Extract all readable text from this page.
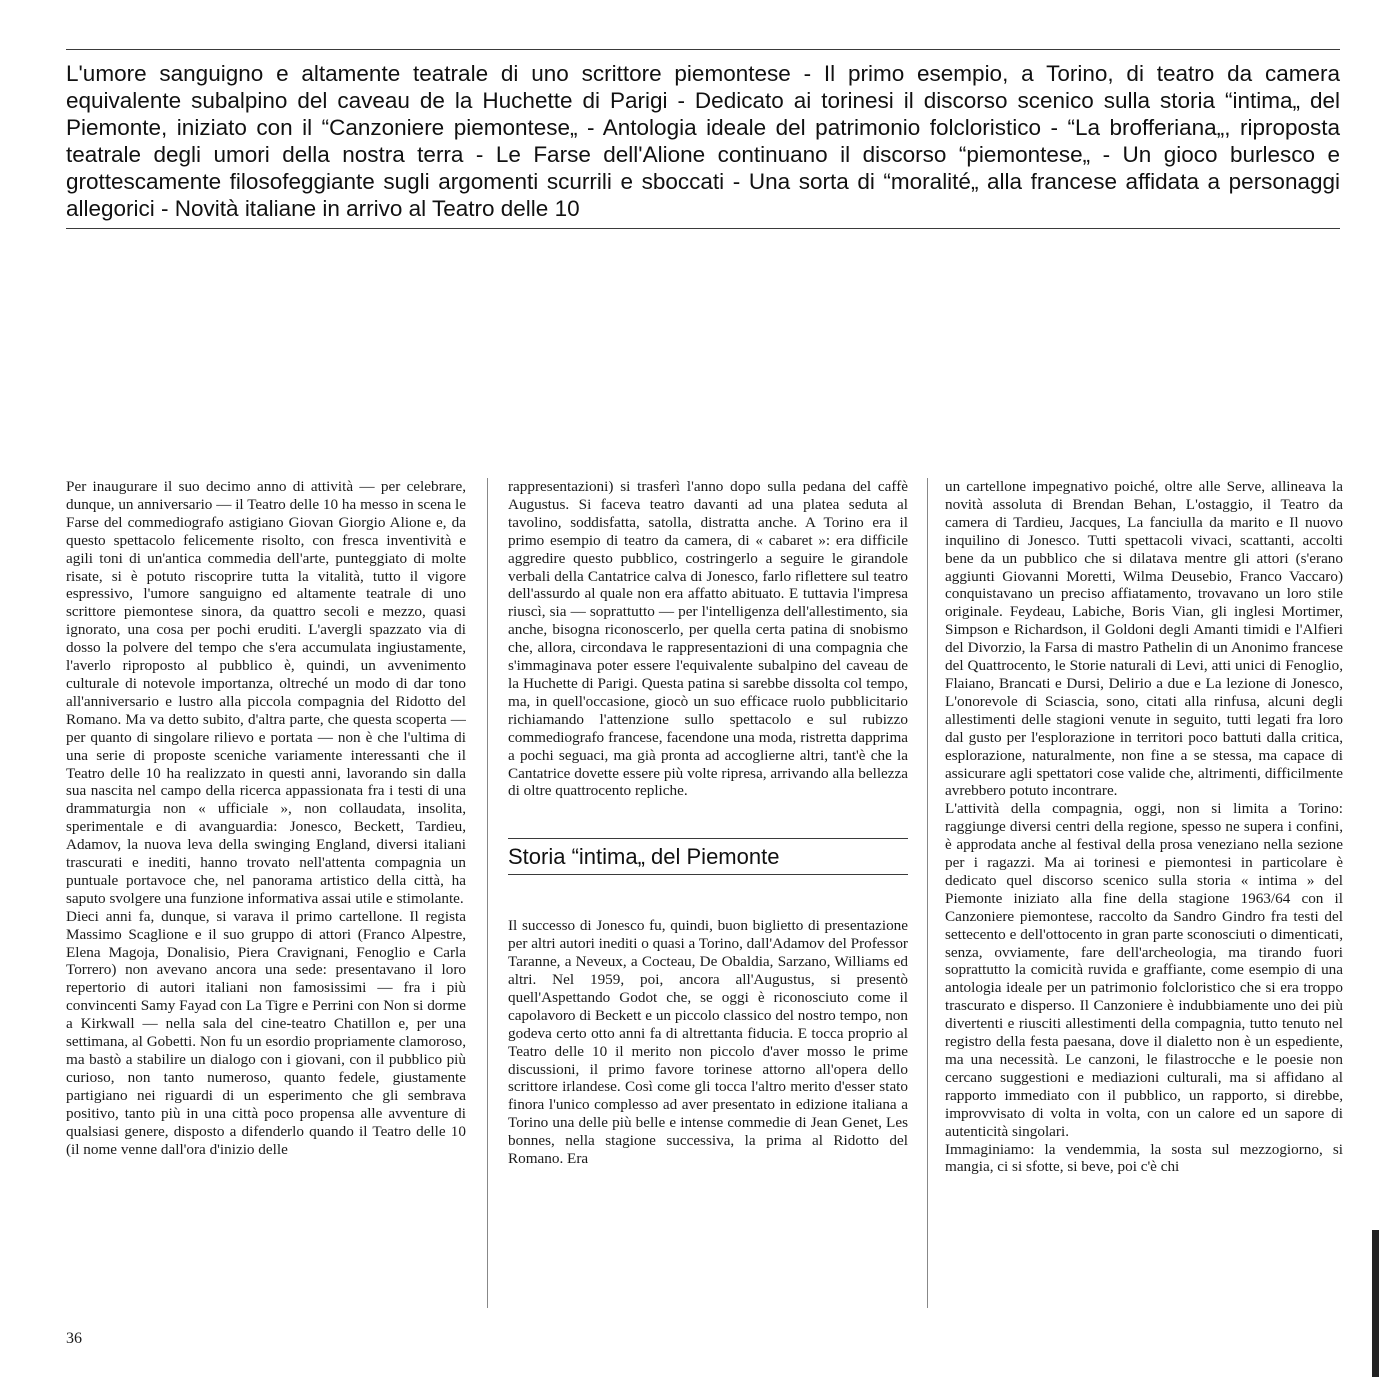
L'umore sanguigno e altamente teatrale di uno scrittore piemontese - Il primo esempio, a Torino, di teatro da camera equivalente subalpino del caveau de la Huchette di Parigi - Dedicato ai torinesi il discorso scenico sulla storia “intima„ del Piemonte, iniziato con il “Canzoniere piemontese„ - Antologia ideale del patrimonio folcloristico - “La brofferiana„, riproposta teatrale degli umori della nostra terra - Le Farse dell'Alione continuano il discorso “piemontese„ - Un gioco burlesco e grottescamente filosofeggiante sugli argomenti scurrili e sboccati - Una sorta di “moralité„ alla francese affidata a personaggi allegorici - Novità italiane in arrivo al Teatro delle 10

Per inaugurare il suo decimo anno di attività — per celebrare, dunque, un anniversario — il Teatro delle 10 ha messo in scena le Farse del commediografo astigiano Giovan Giorgio Alione e, da questo spettacolo felicemente risolto, con fresca inventività e agili toni di un'antica commedia dell'arte, punteggiato di molte risate, si è potuto riscoprire tutta la vitalità, tutto il vigore espressivo, l'umore sanguigno ed altamente teatrale di uno scrittore piemontese sinora, da quattro secoli e mezzo, quasi ignorato, una cosa per pochi eruditi. L'avergli spazzato via di dosso la polvere del tempo che s'era accumulata ingiustamente, l'averlo riproposto al pubblico è, quindi, un avvenimento culturale di notevole importanza, oltreché un modo di dar tono all'anniversario e lustro alla piccola compagnia del Ridotto del Romano. Ma va detto subito, d'altra parte, che questa scoperta — per quanto di singolare rilievo e portata — non è che l'ultima di una serie di proposte sceniche variamente interessanti che il Teatro delle 10 ha realizzato in questi anni, lavorando sin dalla sua nascita nel campo della ricerca appassionata fra i testi di una drammaturgia non « ufficiale », non collaudata, insolita, sperimentale e di avanguardia: Jonesco, Beckett, Tardieu, Adamov, la nuova leva della swinging England, diversi italiani trascurati e inediti, hanno trovato nell'attenta compagnia un puntuale portavoce che, nel panorama artistico della città, ha saputo svolgere una funzione informativa assai utile e stimolante.

Dieci anni fa, dunque, si varava il primo cartellone. Il regista Massimo Scaglione e il suo gruppo di attori (Franco Alpestre, Elena Magoja, Donalisio, Piera Cravignani, Fenoglio e Carla Torrero) non avevano ancora una sede: presentavano il loro repertorio di autori italiani non famosissimi — fra i più convincenti Samy Fayad con La Tigre e Perrini con Non si dorme a Kirkwall — nella sala del cine-teatro Chatillon e, per una settimana, al Gobetti. Non fu un esordio propriamente clamoroso, ma bastò a stabilire un dialogo con i giovani, con il pubblico più curioso, non tanto numeroso, quanto fedele, giustamente partigiano nei riguardi di un esperimento che gli sembrava positivo, tanto più in una città poco propensa alle avventure di qualsiasi genere, disposto a difenderlo quando il Teatro delle 10 (il nome venne dall'ora d'inizio delle

rappresentazioni) si trasferì l'anno dopo sulla pedana del caffè Augustus. Si faceva teatro davanti ad una platea seduta al tavolino, soddisfatta, satolla, distratta anche. A Torino era il primo esempio di teatro da camera, di « cabaret »: era difficile aggredire questo pubblico, costringerlo a seguire le girandole verbali della Cantatrice calva di Jonesco, farlo riflettere sul teatro dell'assurdo al quale non era affatto abituato. E tuttavia l'impresa riuscì, sia — soprattutto — per l'intelligenza dell'allestimento, sia anche, bisogna riconoscerlo, per quella certa patina di snobismo che, allora, circondava le rappresentazioni di una compagnia che s'immaginava poter essere l'equivalente subalpino del caveau de la Huchette di Parigi. Questa patina si sarebbe dissolta col tempo, ma, in quell'occasione, giocò un suo efficace ruolo pubblicitario richiamando l'attenzione sullo spettacolo e sul rubizzo commediografo francese, facendone una moda, ristretta dapprima a pochi seguaci, ma già pronta ad accoglierne altri, tant'è che la Cantatrice dovette essere più volte ripresa, arrivando alla bellezza di oltre quattrocento repliche.

Storia “intima„ del Piemonte

Il successo di Jonesco fu, quindi, buon biglietto di presentazione per altri autori inediti o quasi a Torino, dall'Adamov del Professor Taranne, a Neveux, a Cocteau, De Obaldia, Sarzano, Williams ed altri. Nel 1959, poi, ancora all'Augustus, si presentò quell'Aspettando Godot che, se oggi è riconosciuto come il capolavoro di Beckett e un piccolo classico del nostro tempo, non godeva certo otto anni fa di altrettanta fiducia. E tocca proprio al Teatro delle 10 il merito non piccolo d'aver mosso le prime discussioni, il primo favore torinese attorno all'opera dello scrittore irlandese. Così come gli tocca l'altro merito d'esser stato finora l'unico complesso ad aver presentato in edizione italiana a Torino una delle più belle e intense commedie di Jean Genet, Les bonnes, nella stagione successiva, la prima al Ridotto del Romano. Era

un cartellone impegnativo poiché, oltre alle Serve, allineava la novità assoluta di Brendan Behan, L'ostaggio, il Teatro da camera di Tardieu, Jacques, La fanciulla da marito e Il nuovo inquilino di Jonesco. Tutti spettacoli vivaci, scattanti, accolti bene da un pubblico che si dilatava mentre gli attori (s'erano aggiunti Giovanni Moretti, Wilma Deusebio, Franco Vaccaro) conquistavano un preciso affiatamento, trovavano un loro stile originale. Feydeau, Labiche, Boris Vian, gli inglesi Mortimer, Simpson e Richardson, il Goldoni degli Amanti timidi e l'Alfieri del Divorzio, la Farsa di mastro Pathelin di un Anonimo francese del Quattrocento, le Storie naturali di Levi, atti unici di Fenoglio, Flaiano, Brancati e Dursi, Delirio a due e La lezione di Jonesco, L'onorevole di Sciascia, sono, citati alla rinfusa, alcuni degli allestimenti delle stagioni venute in seguito, tutti legati fra loro dal gusto per l'esplorazione in territori poco battuti dalla critica, esplorazione, naturalmente, non fine a se stessa, ma capace di assicurare agli spettatori cose valide che, altrimenti, difficilmente avrebbero potuto incontrare.

L'attività della compagnia, oggi, non si limita a Torino: raggiunge diversi centri della regione, spesso ne supera i confini, è approdata anche al festival della prosa veneziano nella sezione per i ragazzi. Ma ai torinesi e piemontesi in particolare è dedicato quel discorso scenico sulla storia « intima » del Piemonte iniziato alla fine della stagione 1963/64 con il Canzoniere piemontese, raccolto da Sandro Gindro fra testi del settecento e dell'ottocento in gran parte sconosciuti o dimenticati, senza, ovviamente, fare dell'archeologia, ma tirando fuori soprattutto la comicità ruvida e graffiante, come esempio di una antologia ideale per un patrimonio folcloristico che si era troppo trascurato e disperso. Il Canzoniere è indubbiamente uno dei più divertenti e riusciti allestimenti della compagnia, tutto tenuto nel registro della festa paesana, dove il dialetto non è un espediente, ma una necessità. Le canzoni, le filastrocche e le poesie non cercano suggestioni e mediazioni culturali, ma si affidano al rapporto immediato con il pubblico, un rapporto, si direbbe, improvvisato di volta in volta, con un calore ed un sapore di autenticità singolari.

Immaginiamo: la vendemmia, la sosta sul mezzogiorno, si mangia, ci si sfotte, si beve, poi c'è chi

36
